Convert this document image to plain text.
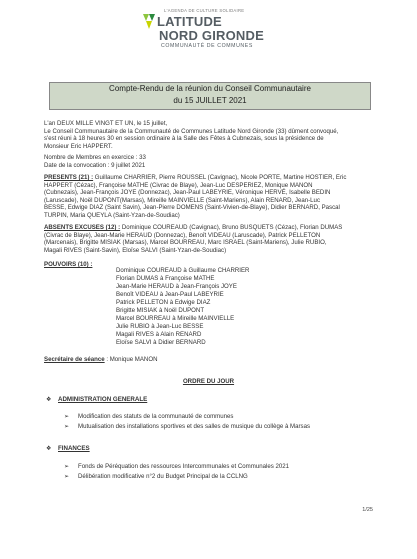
L'AGENDA DE CULTURE SOLIDAIRE
LATITUDE
NORD GIRONDE
COMMUNAUTÉ DE COMMUNES
Compte-Rendu de la réunion du Conseil Communautaire
du 15 JUILLET 2021
L'an DEUX MILLE VINGT ET UN, le 15 juillet,
Le Conseil Communautaire de la Communauté de Communes Latitude Nord Gironde (33) dûment convoqué,
s'est réuni à 18 heures 30 en session ordinaire à la Salle des Fêtes à Cubnezais, sous la présidence de
Monsieur Eric HAPPERT.
Nombre de Membres en exercice : 33
Date de la convocation : 9 juillet 2021
PRESENTS (21) : Guillaume CHARRIER, Pierre ROUSSEL (Cavignac), Nicole PORTE, Martine HOSTIER, Eric
HAPPERT (Cézac), Françoise MATHE (Civrac de Blaye), Jean-Luc DESPERIEZ, Monique MANON
(Cubnezais), Jean-François JOYE (Donnezac), Jean-Paul LABEYRIE, Véronique HERVÉ, Isabelle BEDIN
(Laruscade), Noël DUPONT(Marsas), Mireille MAINVIELLE (Saint-Mariens), Alain RENARD, Jean-Luc
BESSE, Edwige DIAZ (Saint Savin), Jean-Pierre DOMENS (Saint-Vivien-de-Blaye), Didier BERNARD, Pascal
TURPIN, Maria QUEYLA (Saint-Yzan-de-Soudiac)
ABSENTS EXCUSES (12) : Dominique COUREAUD (Cavignac), Bruno BUSQUETS (Cézac), Florian DUMAS
(Civrac de Blaye), Jean-Marie HERAUD (Donnezac), Benoît VIDEAU (Laruscade), Patrick PELLETON
(Marcenais), Brigitte MISIAK (Marsas), Marcel BOURREAU, Marc ISRAEL (Saint-Mariens), Julie RUBIO,
Magali RIVES (Saint-Savin), Eloïse SALVI (Saint-Yzan-de-Soudiac)
POUVOIRS (10) :
Dominique COUREAUD à Guillaume CHARRIER
Florian DUMAS à Françoise MATHE
Jean-Marie HERAUD à Jean-François JOYE
Benoît VIDEAU à Jean-Paul LABEYRIE
Patrick PELLETON à Edwige DIAZ
Brigitte MISIAK à Noël DUPONT
Marcel BOURREAU à Mireille MAINVIELLE
Julie RUBIO à Jean-Luc BESSE
Magali RIVES à Alain RENARD
Eloïse SALVI à Didier BERNARD
Secrétaire de séance : Monique MANON
ORDRE DU JOUR
❖ ADMINISTRATION GENERALE
➢ Modification des statuts de la communauté de communes
➢ Mutualisation des installations sportives et des salles de musique du collège à Marsas
❖ FINANCES
➢ Fonds de Péréquation des ressources Intercommunales et Communales 2021
➢ Délibération modificative n°2 du Budget Principal de la CCLNG
1/25
